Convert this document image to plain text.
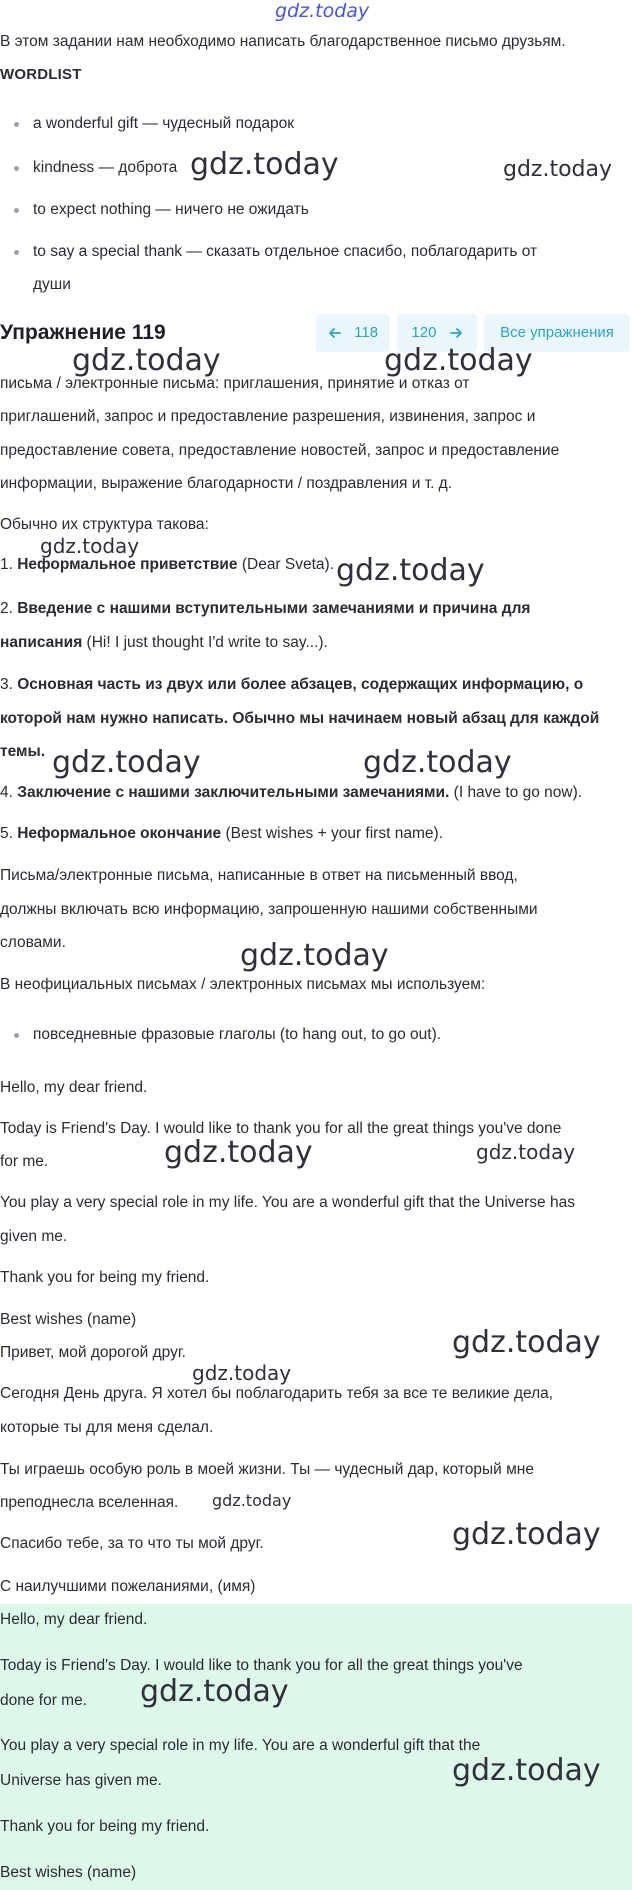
gdz.today

В этом задании нам необходимо написать благодарственное письмо друзьям.

WORDLIST

a wonderful gift — чудесный подарок
kindness — доброта
to expect nothing — ничего не ожидать
to say a special thank — сказать отдельное спасибо, поблагодарить от
души
Упражнение 119	118	120	Все упражнения

письма / электронные письма: приглашения, принятие и отказ от

приглашений, запрос и предоставление разрешения, извинения, запрос и

предоставление совета, предоставление новостей, запрос и предоставление

информации, выражение благодарности / поздравления и т. д.

Обычно их структура такова:

1. Неформальное приветствие (Dear Sveta).

2. Введение с нашими вступительными замечаниями и причина для

написания (Hi! I just thought I'd write to say...).

3. Основная часть из двух или более абзацев, содержащих информацию, о

которой нам нужно написать. Обычно мы начинаем новый абзац для каждой

темы.

4. Заключение с нашими заключительными замечаниями. (I have to go now).

5. Неформальное окончание (Best wishes + your first name).

Письма/электронные письма, написанные в ответ на письменный ввод,

должны включать всю информацию, запрошенную нашими собственными

словами.

В неофициальных письмах / электронных письмах мы используем:

повседневные фразовые глаголы (to hang out, to go out).

Hello, my dear friend.

Today is Friend's Day. I would like to thank you for all the great things you've done

for me.

You play a very special role in my life. You are a wonderful gift that the Universe has

given me.

Thank you for being my friend.

Best wishes (name)

Привет, мой дорогой друг.

Сегодня День друга. Я хотел бы поблагодарить тебя за все те великие дела,

которые ты для меня сделал.

Ты играешь особую роль в моей жизни. Ты — чудесный дар, который мне

преподнесла вселенная.

Спасибо тебе, за то что ты мой друг.

С наилучшими пожеланиями, (имя)

Hello, my dear friend.

Today is Friend's Day. I would like to thank you for all the great things you've

done for me.

You play a very special role in my life. You are a wonderful gift that the

Universe has given me.

Thank you for being my friend.

Best wishes (name)

gdz.today	gdz.today
gdz.today	gdz.today
gdz.today
gdz.today
gdz.today	gdz.today
gdz.today
gdz.today	gdz.today
gdz.today
gdz.today
gdz.today
gdz.today
gdz.today
gdz.today
